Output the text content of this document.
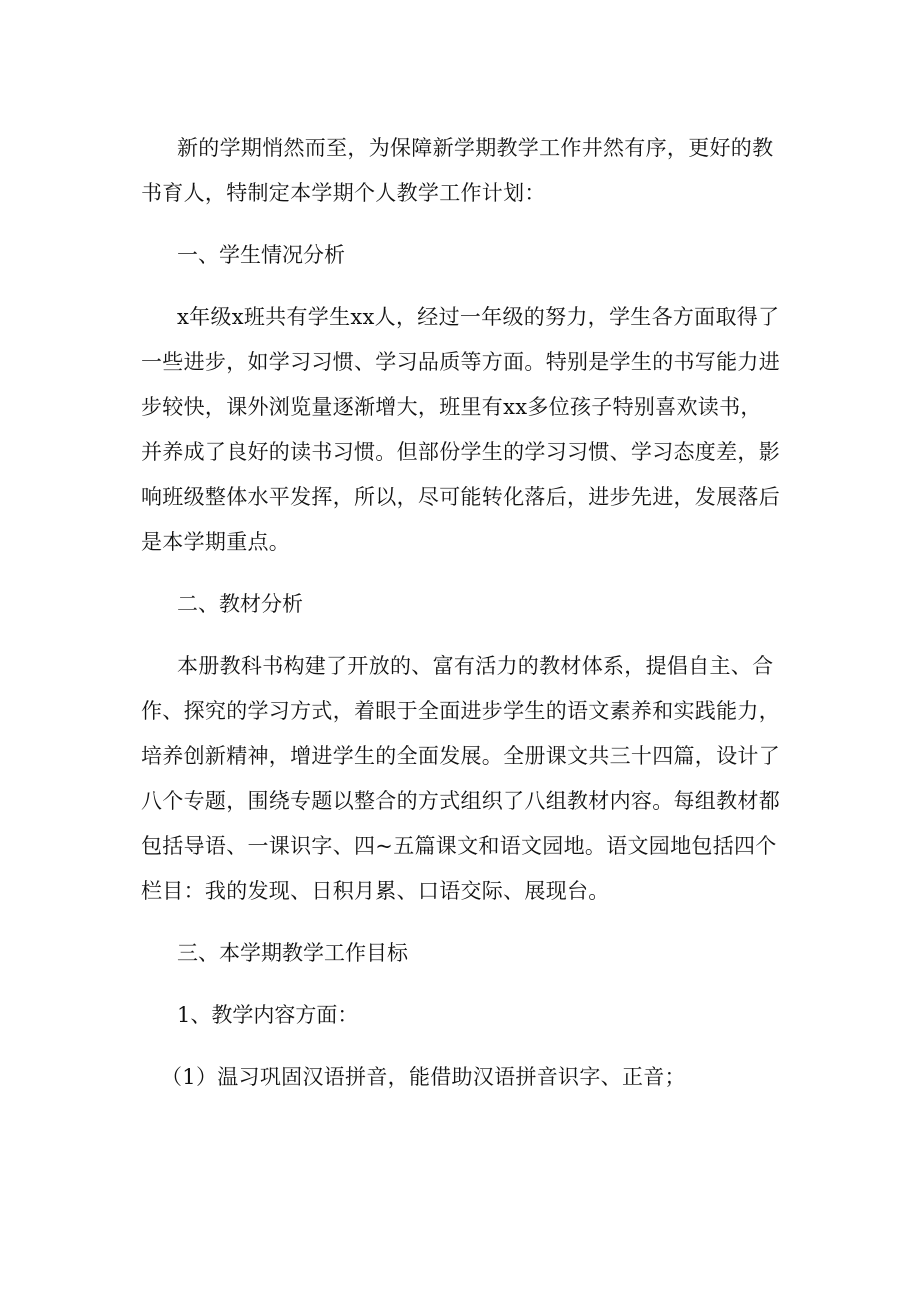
新的学期悄然而至，为保障新学期教学工作井然有序，更好的教书育人，特制定本学期个人教学工作计划：

一、学生情况分析

x年级x班共有学生xx人，经过一年级的努力，学生各方面取得了一些进步，如学习习惯、学习品质等方面。特别是学生的书写能力进步较快，课外浏览量逐渐增大，班里有xx多位孩子特别喜欢读书，并养成了良好的读书习惯。但部份学生的学习习惯、学习态度差，影响班级整体水平发挥，所以，尽可能转化落后，进步先进，发展落后是本学期重点。

二、教材分析

本册教科书构建了开放的、富有活力的教材体系，提倡自主、合作、探究的学习方式，着眼于全面进步学生的语文素养和实践能力，培养创新精神，增进学生的全面发展。全册课文共三十四篇，设计了八个专题，围绕专题以整合的方式组织了八组教材内容。每组教材都包括导语、一课识字、四~五篇课文和语文园地。语文园地包括四个栏目：我的发现、日积月累、口语交际、展现台。

三、本学期教学工作目标

1、教学内容方面：

（1）温习巩固汉语拼音，能借助汉语拼音识字、正音；
